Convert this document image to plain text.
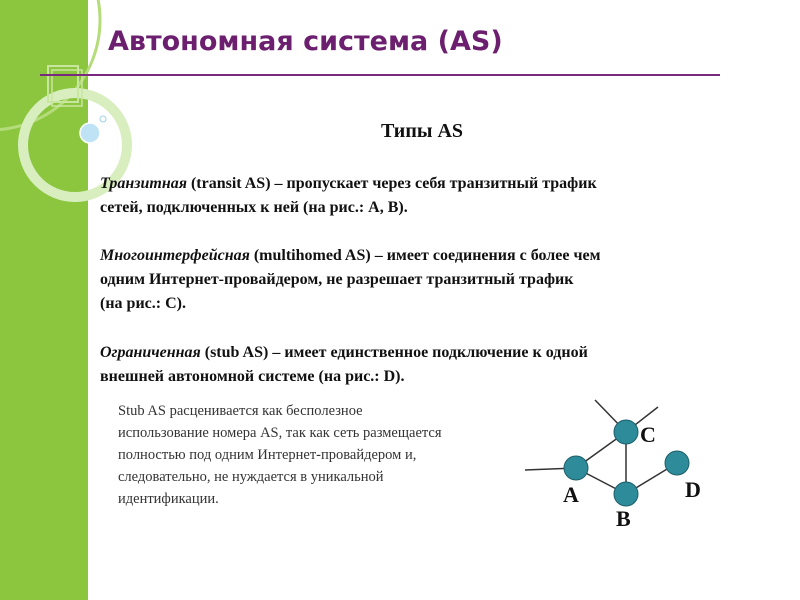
Автономная система (AS)
Типы AS

Транзитная (transit AS) – пропускает через себя транзитный трафик
сетей, подключенных к ней (на рис.: А, В).

Многоинтерфейсная (multihomed AS) – имеет соединения с более чем
одним Интернет-провайдером, не разрешает транзитный трафик
(на рис.: С).

Ограниченная (stub AS) – имеет единственное подключение к одной
внешней автономной системе (на рис.: D).

Stub AS расценивается как бесполезное
использование номера AS, так как сеть размещается
полностью под одним Интернет-провайдером и,
следовательно, не нуждается в уникальной
идентификации.	А
В
С
D
